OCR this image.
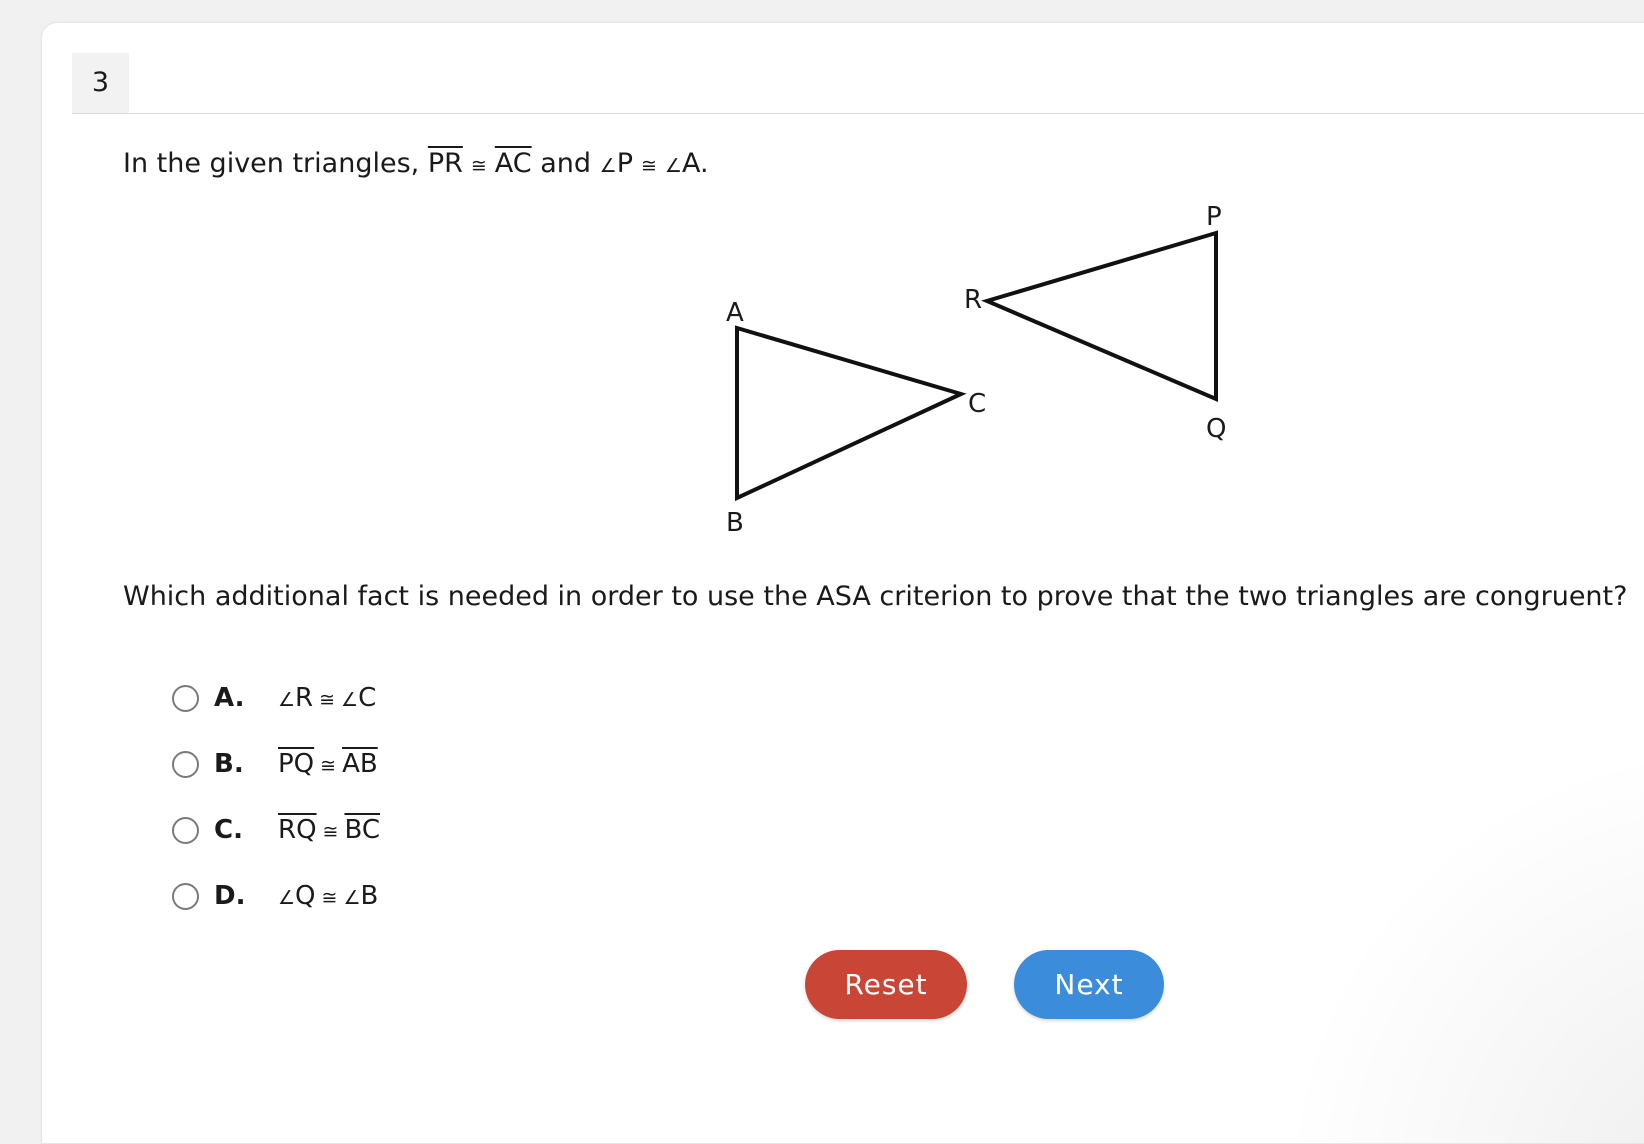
3
In the given triangles, $\overline{PR}$ ≅ $\overline{AC}$ and ∠P ≅ ∠A.
A
B
C
P
Q
R
Which additional fact is needed in order to use the ASA criterion to prove that the two triangles are congruent?
A.	∠R ≅ ∠C
B.	$\overline{PQ}$ ≅ $\overline{AB}$
C.	$\overline{RQ}$ ≅ $\overline{BC}$
D.	∠Q ≅ ∠B
Reset	Next
